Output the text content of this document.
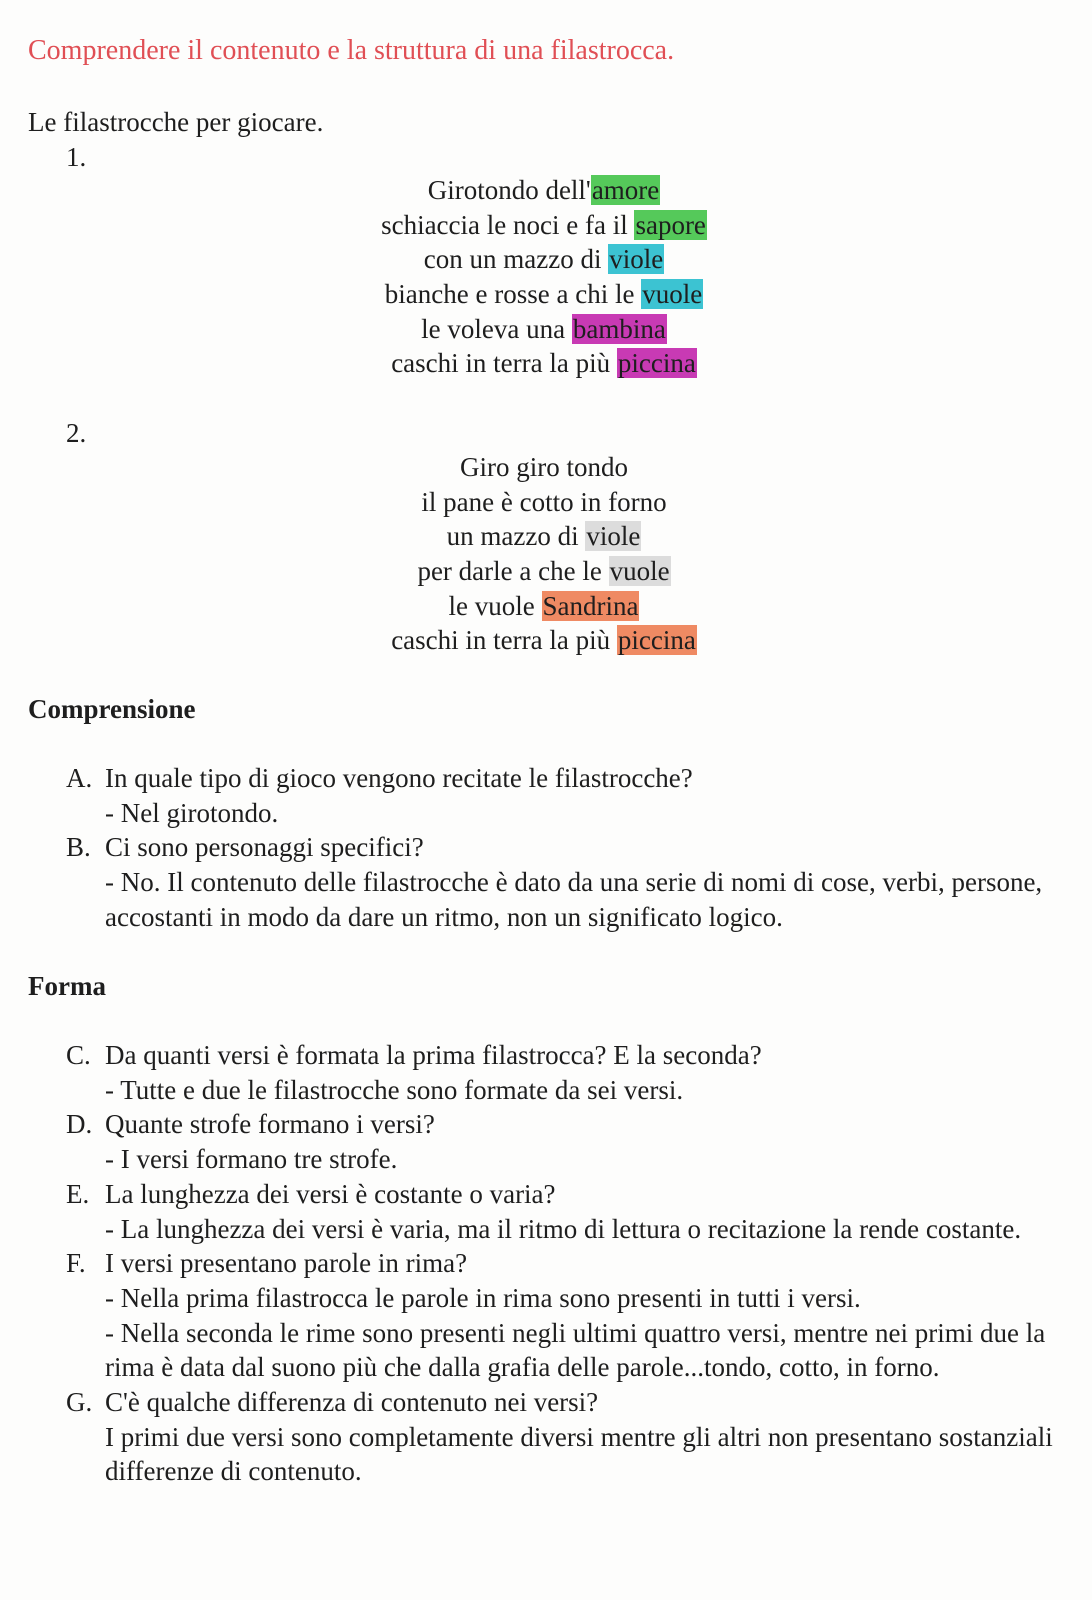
Comprendere il contenuto e la struttura di una filastrocca.

Le filastrocche per giocare.

1.

Girotondo dell'amore
schiaccia le noci e fa il sapore
con un mazzo di viole
bianche e rosse a chi le vuole
le voleva una bambina
caschi in terra la più piccina

2.

Giro giro tondo
il pane è cotto in forno
un mazzo di viole
per darle a che le vuole
le vuole Sandrina
caschi in terra la più piccina
Comprensione
A. In quale tipo di gioco vengono recitate le filastrocche?
- Nel girotondo.
B. Ci sono personaggi specifici?
- No. Il contenuto delle filastrocche è dato da una serie di nomi di cose, verbi, persone, accostanti in modo da dare un ritmo, non un significato logico.
Forma
C. Da quanti versi è formata la prima filastrocca? E la seconda?
- Tutte e due le filastrocche sono formate da sei versi.
D. Quante strofe formano i versi?
- I versi formano tre strofe.
E. La lunghezza dei versi è costante o varia?
- La lunghezza dei versi è varia, ma il ritmo di lettura o recitazione la rende costante.
F. I versi presentano parole in rima?
- Nella prima filastrocca le parole in rima sono presenti in tutti i versi.
- Nella seconda le rime sono presenti negli ultimi quattro versi, mentre nei primi due la rima è data dal suono più che dalla grafia delle parole...tondo, cotto, in forno.
G. C'è qualche differenza di contenuto nei versi?
I primi due versi sono completamente diversi mentre gli altri non presentano sostanziali differenze di contenuto.
